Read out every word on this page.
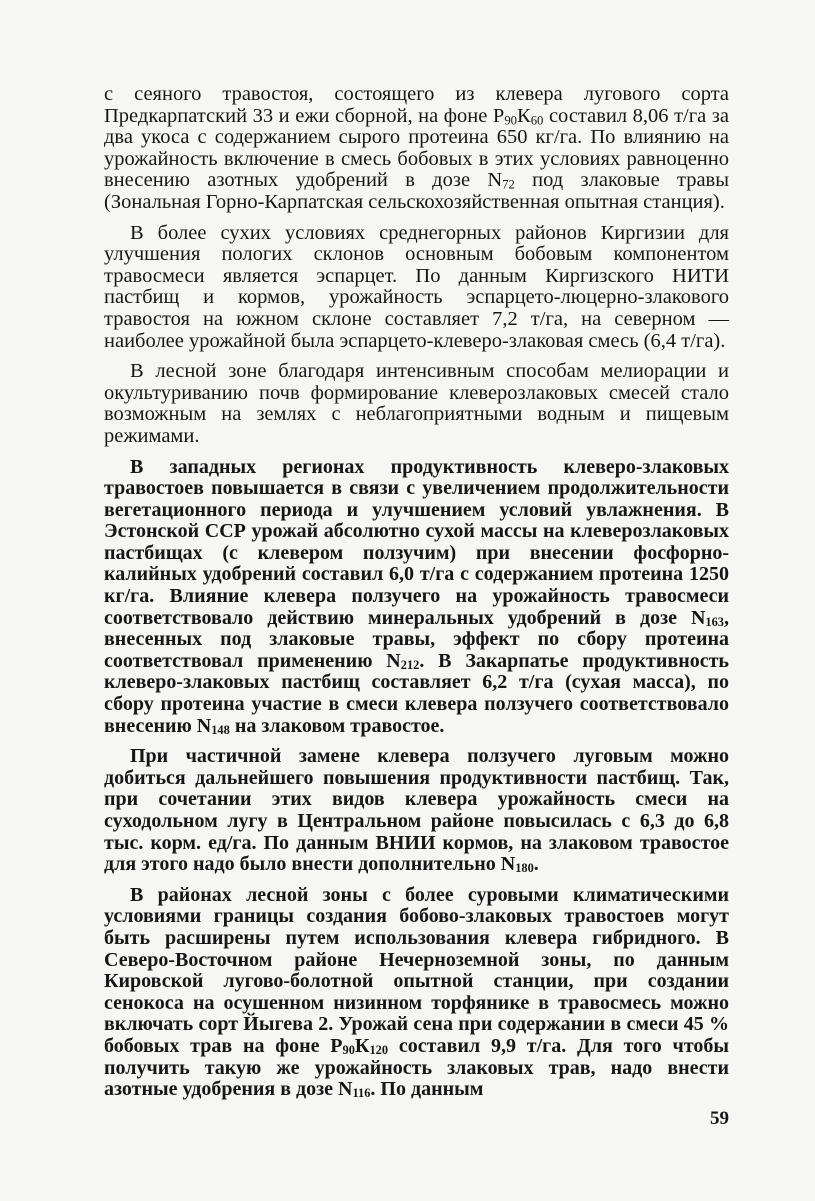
с сеяного травостоя, состоящего из клевера лугового сорта Предкарпатский 33 и ежи сборной, на фоне $Р_{90}К_{60}$ составил 8,06 т/га за два укоса с содержанием сырого протеина 650 кг/га. По влиянию на урожайность включение в смесь бобовых в этих условиях равноценно внесению азотных удобрений в дозе $N_{72}$ под злаковые травы (Зональная Горно-Карпатская сельскохозяйственная опытная станция).

В более сухих условиях среднегорных районов Киргизии для улучшения пологих склонов основным бобовым компонентом травосмеси является эспарцет. По данным Киргизского НИТИ пастбищ и кормов, урожайность эспарцето-люцерно-злакового травостоя на южном склоне составляет 7,2 т/га, на северном — наиболее урожайной была эспарцето-клеверо-злаковая смесь (6,4 т/га).

В лесной зоне благодаря интенсивным способам мелиорации и окультуриванию почв формирование клеверозлаковых смесей стало возможным на землях с неблагоприятными водным и пищевым режимами.

В западных регионах продуктивность клеверо-злаковых травостоев повышается в связи с увеличением продолжительности вегетационного периода и улучшением условий увлажнения. В Эстонской ССР урожай абсолютно сухой массы на клеверозлаковых пастбищах (с клевером ползучим) при внесении фосфорно-калийных удобрений составил 6,0 т/га с содержанием протеина 1250 кг/га. Влияние клевера ползучего на урожайность травосмеси соответствовало действию минеральных удобрений в дозе $N_{163}$, внесенных под злаковые травы, эффект по сбору протеина соответствовал применению $N_{212}$. В Закарпатье продуктивность клеверо-злаковых пастбищ составляет 6,2 т/га (сухая масса), по сбору протеина участие в смеси клевера ползучего соответствовало внесению $N_{148}$ на злаковом травостое.

При частичной замене клевера ползучего луговым можно добиться дальнейшего повышения продуктивности пастбищ. Так, при сочетании этих видов клевера урожайность смеси на суходольном лугу в Центральном районе повысилась с 6,3 до 6,8 тыс. корм. ед/га. По данным ВНИИ кормов, на злаковом травостое для этого надо было внести дополнительно $N_{180}$.

В районах лесной зоны с более суровыми климатическими условиями границы создания бобово-злаковых травостоев могут быть расширены путем использования клевера гибридного. В Северо-Восточном районе Нечерноземной зоны, по данным Кировской лугово-болотной опытной станции, при создании сенокоса на осушенном низинном торфянике в травосмесь можно включать сорт Йыгева 2. Урожай сена при содержании в смеси 45 % бобовых трав на фоне $Р_{90}К_{120}$ составил 9,9 т/га. Для того чтобы получить такую же урожайность злаковых трав, надо внести азотные удобрения в дозе $N_{116}$. По данным

59
